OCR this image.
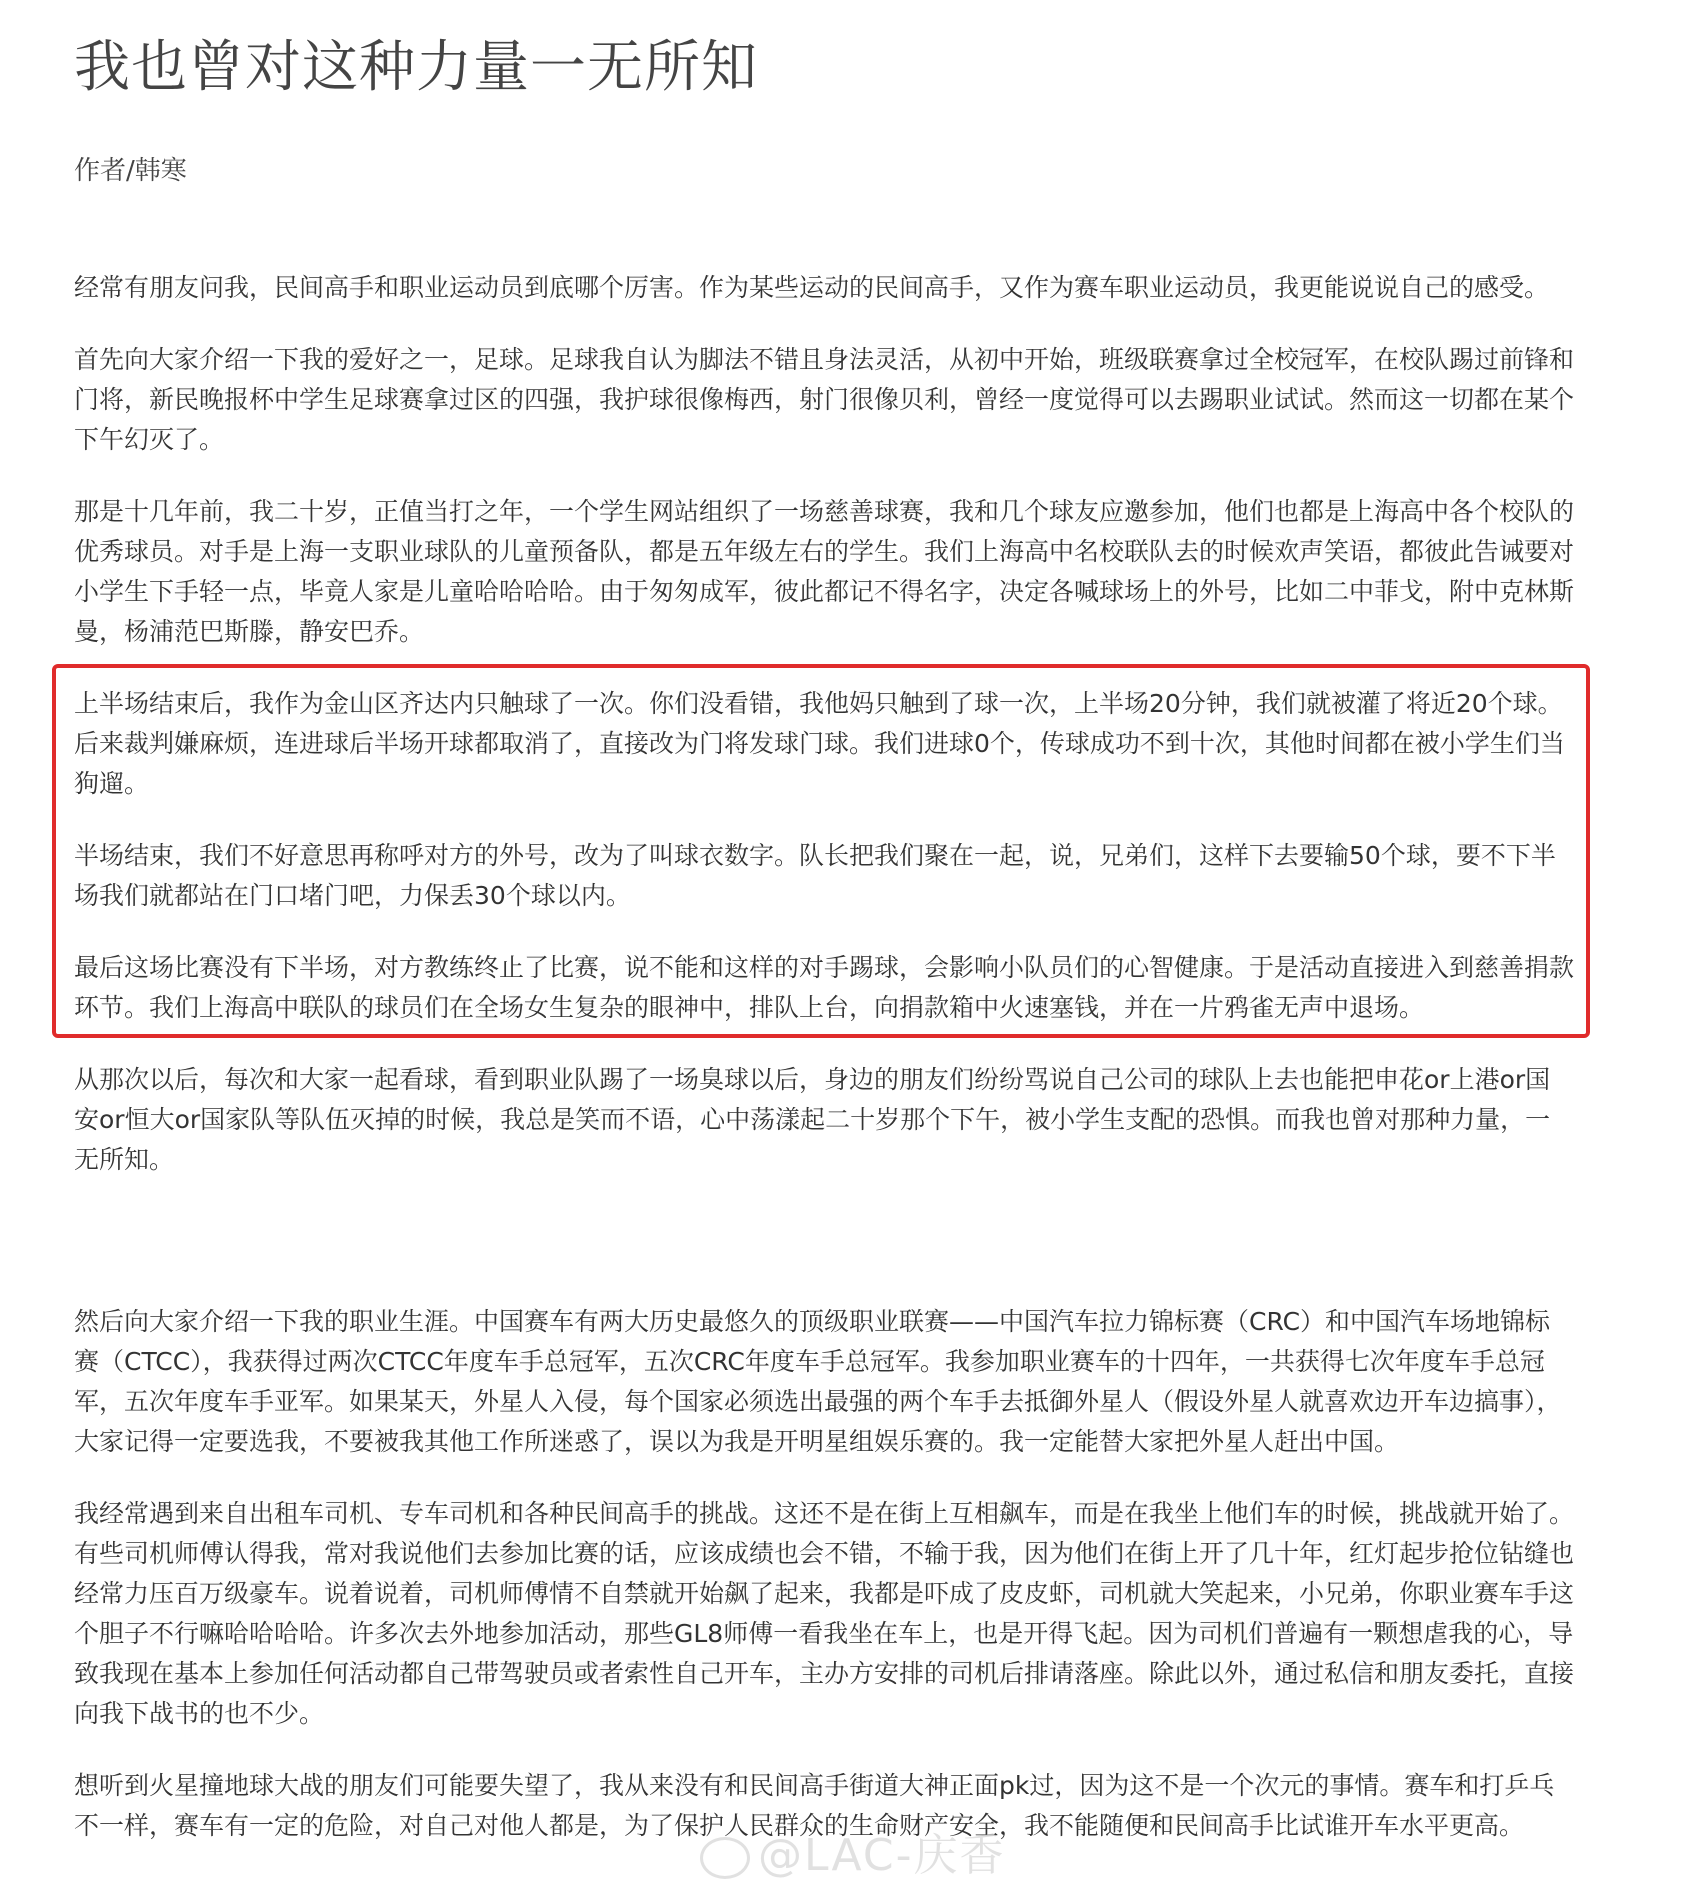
我也曾对这种力量一无所知

作者/韩寒

经常有朋友问我，民间高手和职业运动员到底哪个厉害。作为某些运动的民间高手，又作为赛车职业运动员，我更能说说自己的感受。

首先向大家介绍一下我的爱好之一，足球。足球我自认为脚法不错且身法灵活，从初中开始，班级联赛拿过全校冠军，在校队踢过前锋和门将，新民晚报杯中学生足球赛拿过区的四强，我护球很像梅西，射门很像贝利，曾经一度觉得可以去踢职业试试。然而这一切都在某个下午幻灭了。

那是十几年前，我二十岁，正值当打之年，一个学生网站组织了一场慈善球赛，我和几个球友应邀参加，他们也都是上海高中各个校队的优秀球员。对手是上海一支职业球队的儿童预备队，都是五年级左右的学生。我们上海高中名校联队去的时候欢声笑语，都彼此告诫要对小学生下手轻一点，毕竟人家是儿童哈哈哈哈。由于匆匆成军，彼此都记不得名字，决定各喊球场上的外号，比如二中菲戈，附中克林斯曼，杨浦范巴斯滕，静安巴乔。

上半场结束后，我作为金山区齐达内只触球了一次。你们没看错，我他妈只触到了球一次，上半场20分钟，我们就被灌了将近20个球。后来裁判嫌麻烦，连进球后半场开球都取消了，直接改为门将发球门球。我们进球0个，传球成功不到十次，其他时间都在被小学生们当狗遛。

半场结束，我们不好意思再称呼对方的外号，改为了叫球衣数字。队长把我们聚在一起，说，兄弟们，这样下去要输50个球，要不下半场我们就都站在门口堵门吧，力保丢30个球以内。

最后这场比赛没有下半场，对方教练终止了比赛，说不能和这样的对手踢球，会影响小队员们的心智健康。于是活动直接进入到慈善捐款环节。我们上海高中联队的球员们在全场女生复杂的眼神中，排队上台，向捐款箱中火速塞钱，并在一片鸦雀无声中退场。

从那次以后，每次和大家一起看球，看到职业队踢了一场臭球以后，身边的朋友们纷纷骂说自己公司的球队上去也能把申花or上港or国安or恒大or国家队等队伍灭掉的时候，我总是笑而不语，心中荡漾起二十岁那个下午，被小学生支配的恐惧。而我也曾对那种力量，一无所知。

然后向大家介绍一下我的职业生涯。中国赛车有两大历史最悠久的顶级职业联赛——中国汽车拉力锦标赛（CRC）和中国汽车场地锦标赛（CTCC），我获得过两次CTCC年度车手总冠军，五次CRC年度车手总冠军。我参加职业赛车的十四年，一共获得七次年度车手总冠军，五次年度车手亚军。如果某天，外星人入侵，每个国家必须选出最强的两个车手去抵御外星人（假设外星人就喜欢边开车边搞事），大家记得一定要选我，不要被我其他工作所迷惑了，误以为我是开明星组娱乐赛的。我一定能替大家把外星人赶出中国。

我经常遇到来自出租车司机、专车司机和各种民间高手的挑战。这还不是在街上互相飙车，而是在我坐上他们车的时候，挑战就开始了。有些司机师傅认得我，常对我说他们去参加比赛的话，应该成绩也会不错，不输于我，因为他们在街上开了几十年，红灯起步抢位钻缝也经常力压百万级豪车。说着说着，司机师傅情不自禁就开始飙了起来，我都是吓成了皮皮虾，司机就大笑起来，小兄弟，你职业赛车手这个胆子不行嘛哈哈哈哈。许多次去外地参加活动，那些GL8师傅一看我坐在车上，也是开得飞起。因为司机们普遍有一颗想虐我的心，导致我现在基本上参加任何活动都自己带驾驶员或者索性自己开车，主办方安排的司机后排请落座。除此以外，通过私信和朋友委托，直接向我下战书的也不少。

想听到火星撞地球大战的朋友们可能要失望了，我从来没有和民间高手街道大神正面pk过，因为这不是一个次元的事情。赛车和打乒乓不一样，赛车有一定的危险，对自己对他人都是，为了保护人民群众的生命财产安全，我不能随便和民间高手比试谁开车水平更高。

@LAC-庆香
